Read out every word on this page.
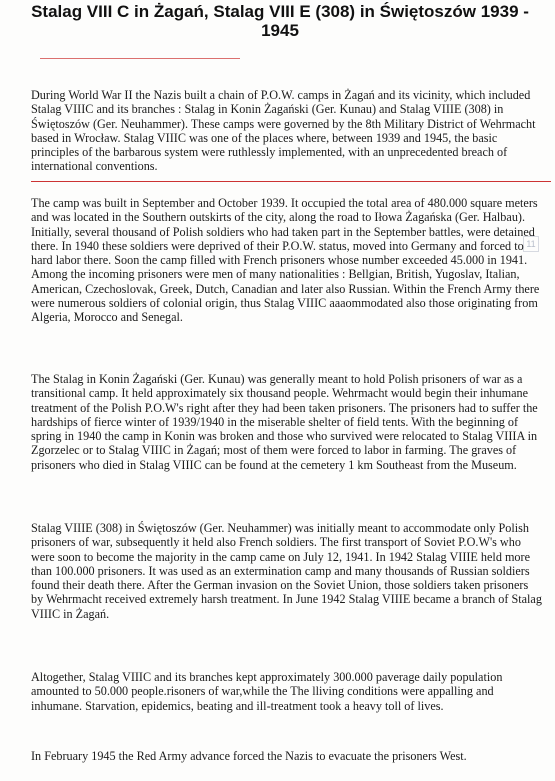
Stalag VIII C in Żagań, Stalag VIII E (308) in Świętoszów 1939 - 1945

During World War II the Nazis built a chain of P.O.W. camps in Żagań and its vicinity, which included Stalag VIIIC and its branches : Stalag in Konin Żagański (Ger. Kunau) and Stalag VIIIE (308) in Świętoszów (Ger. Neuhammer). These camps were governed by the 8th Military District of Wehrmacht based in Wrocław. Stalag VIIIC was one of the places where, between 1939 and 1945, the basic principles of the barbarous system were ruthlessly implemented, with an unprecedented breach of international conventions.

11

The camp was built in September and October 1939. It occupied the total area of 480.000 square meters and was located in the Southern outskirts of the city, along the road to Iłowa Żagańska (Ger. Halbau). Initially, several thousand of Polish soldiers who had taken part in the September battles, were detained there. In 1940 these soldiers were deprived of their P.O.W. status, moved into Germany and forced to hard labor there. Soon the camp filled with French prisoners whose number exceeded 45.000 in 1941. Among the incoming prisoners were men of many nationalities : Bellgian, British, Yugoslav, Italian, American, Czechoslovak, Greek, Dutch, Canadian and later also Russian. Within the French Army there were numerous soldiers of colonial origin, thus Stalag VIIIC aaaommodated also those originating from Algeria, Morocco and Senegal.

The Stalag in Konin Żagański (Ger. Kunau) was generally meant to hold Polish prisoners of war as a transitional camp. It held approximately six thousand people. Wehrmacht would begin their inhumane treatment of the Polish P.O.W's right after they had been taken prisoners. The prisoners had to suffer the hardships of fierce winter of 1939/1940 in the miserable shelter of field tents. With the beginning of spring in 1940 the camp in Konin was broken and those who survived were relocated to Stalag VIIIA in Zgorzelec or to Stalag VIIIC in Żagań; most of them were forced to labor in farming. The graves of prisoners who died in Stalag VIIIC can be found at the cemetery 1 km Southeast from the Museum.

Stalag VIIIE (308) in Świętoszów (Ger. Neuhammer) was initially meant to accommodate only Polish prisoners of war, subsequently it held also French soldiers. The first transport of Soviet P.O.W's who were soon to become the majority in the camp came on July 12, 1941. In 1942 Stalag VIIIE held more than 100.000 prisoners. It was used as an extermination camp and many thousands of Russian soldiers found their death there. After the German invasion on the Soviet Union, those soldiers taken prisoners by Wehrmacht received extremely harsh treatment. In June 1942 Stalag VIIIE became a branch of Stalag VIIIC in Żagań.

Altogether, Stalag VIIIC and its branches kept approximately 300.000 paverage daily population amounted to 50.000 people.risoners of war,while the The lliving conditions were appalling and inhumane. Starvation, epidemics, beating and ill-treatment took a heavy toll of lives.

In February 1945 the Red Army advance forced the Nazis to evacuate the prisoners West.
